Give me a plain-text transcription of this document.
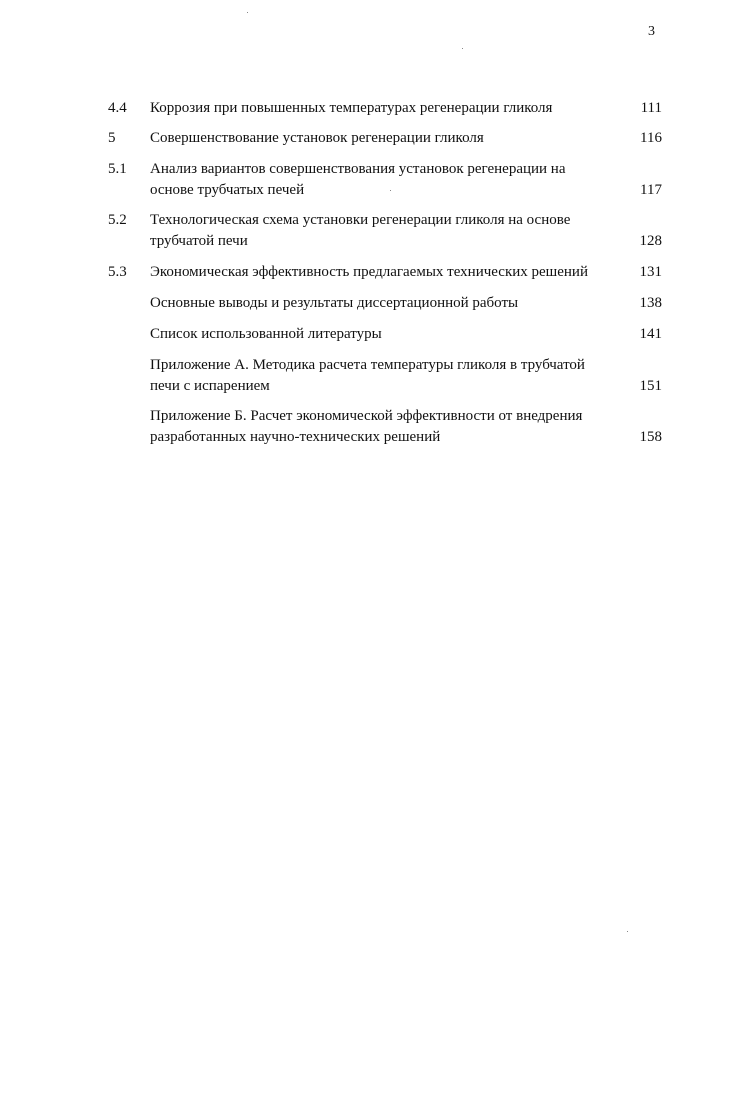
3
4.4 Коррозия при повышенных температурах регенерации гликоля	111
5 Совершенствование установок регенерации гликоля	116
5.1 Анализ вариантов совершенствования установок регенерации на
основе трубчатых печей	117
5.2 Технологическая схема установки регенерации гликоля на основе
трубчатой печи	128
5.3 Экономическая эффективность предлагаемых технических решений	131
Основные выводы и результаты диссертационной работы	138
Список использованной литературы	141
Приложение А. Методика расчета температуры гликоля в трубчатой
печи с испарением	151
Приложение Б. Расчет экономической эффективности от внедрения
разработанных научно-технических решений	158
